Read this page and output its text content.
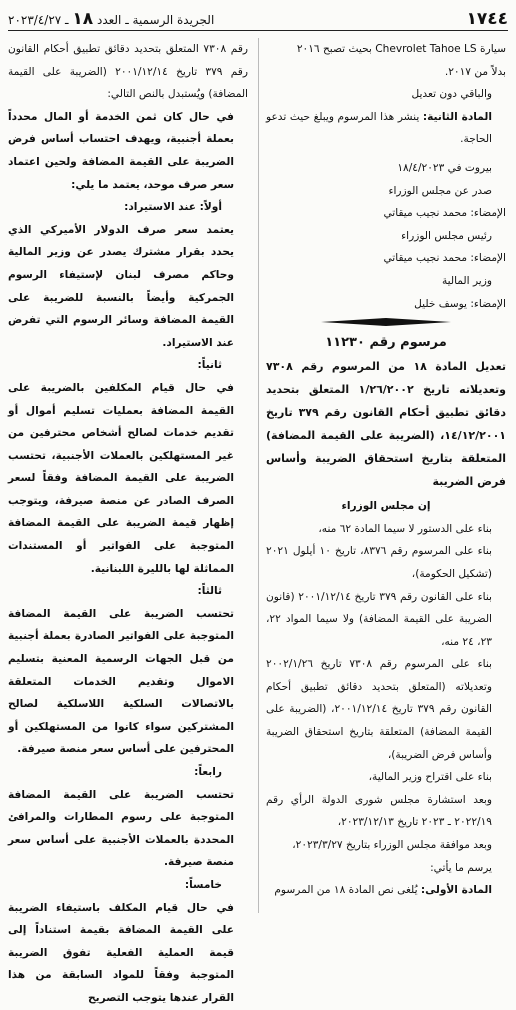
١٧٤٤
الجريدة الرسمية ـ العدد ١٨ ـ ٢٠٢٣/٤/٢٧

سيارة Chevrolet Tahoe LS بحيث تصبح ٢٠١٦

بدلاً من ٢٠١٧.

والباقي دون تعديل

المادة الثانية: ينشر هذا المرسوم ويبلغ حيث تدعو الحاجة.

بيروت في ١٨/٤/٢٠٢٣

صدر عن مجلس الوزراء

الإمضاء: محمد نجيب ميقاتي

رئيس مجلس الوزراء

الإمضاء: محمد نجيب ميقاتي

وزير المالية

الإمضاء: يوسف خليل

مرسوم رقم ١١٢٣٠

تعديل المادة ١٨ من المرسوم رقم ٧٣٠٨ وتعديلاته تاريخ ١/٢٦/٢٠٠٢ المتعلق بتحديد دقائق تطبيق أحكام القانون رقم ٣٧٩ تاريخ ١٤/١٢/٢٠٠١، (الضريبة على القيمة المضافة) المتعلقة بتاريخ استحقاق الضريبة وأساس فرض الضريبة

إن مجلس الوزراء

بناء على الدستور لا سيما المادة ٦٢ منه،

بناء على المرسوم رقم ٨٣٧٦، تاريخ ١٠ أيلول ٢٠٢١ (تشكيل الحكومة)،

بناء على القانون رقم ٣٧٩ تاريخ ٢٠٠١/١٢/١٤ (قانون الضريبة على القيمة المضافة) ولا سيما المواد ٢٢، ٢٣، ٢٤ منه،

بناء على المرسوم رقم ٧٣٠٨ تاريخ ٢٠٠٢/١/٢٦ وتعديلاته (المتعلق بتحديد دقائق تطبيق أحكام القانون رقم ٣٧٩ تاريخ ٢٠٠١/١٢/١٤، (الضريبة على القيمة المضافة) المتعلقة بتاريخ استحقاق الضريبة وأساس فرض الضريبة)،

بناء على اقتراح وزير المالية،

وبعد استشارة مجلس شورى الدولة الرأي رقم ٢٠٢٢/١٩ ـ ٢٠٢٣ تاريخ ٢٠٢٣/١٢/١٣،

وبعد موافقة مجلس الوزراء بتاريخ ٢٠٢٣/٣/٢٧،

يرسم ما يأتي:

المادة الأولى: يُلغى نص المادة ١٨ من المرسوم

رقم ٧٣٠٨ المتعلق بتحديد دقائق تطبيق أحكام القانون رقم ٣٧٩ تاريخ ٢٠٠١/١٢/١٤ (الضريبة على القيمة المضافة) ويُستبدل بالنص التالي:

في حال كان ثمن الخدمة أو المال محدداً بعملة أجنبية، ويهدف احتساب أساس فرض الضريبة على القيمة المضافة ولحين اعتماد سعر صرف موحد، يعتمد ما يلي:

أولاً: عند الاستيراد:

يعتمد سعر صرف الدولار الأميركي الذي يحدد بقرار مشترك يصدر عن وزير المالية وحاكم مصرف لبنان لإستيفاء الرسوم الجمركية وأيضاً بالنسبة للضريبة على القيمة المضافة وسائر الرسوم التي تفرض عند الاستيراد.

ثانياً:

في حال قيام المكلفين بالضريبة على القيمة المضافة بعمليات تسليم أموال أو تقديم خدمات لصالح أشخاص محترفين من غير المستهلكين بالعملات الأجنبية، تحتسب الضريبة على القيمة المضافة وفقاً لسعر الصرف الصادر عن منصة صيرفة، ويتوجب إظهار قيمة الضريبة على القيمة المضافة المتوجبة على الفواتير أو المستندات المماثلة لها بالليرة اللبنانية.

ثالثاً:

تحتسب الضريبة على القيمة المضافة المتوجبة على الفواتير الصادرة بعملة أجنبية من قبل الجهات الرسمية المعنية بتسليم الاموال وتقديم الخدمات المتعلقة بالاتصالات السلكية اللاسلكية لصالح المشتركين سواء كانوا من المستهلكين أو المحترفين على أساس سعر منصة صيرفة.

رابعاً:

تحتسب الضريبة على القيمة المضافة المتوجبة على رسوم المطارات والمرافئ المحددة بالعملات الأجنبية على أساس سعر منصة صيرفة.

خامساً:

في حال قيام المكلف باستيفاء الضريبة على القيمة المضافة بقيمة استناداً إلى قيمة العملية الفعلية تفوق الضريبة المتوجبة وفقاً للمواد السابقة من هذا القرار عندها يتوجب التصريح
